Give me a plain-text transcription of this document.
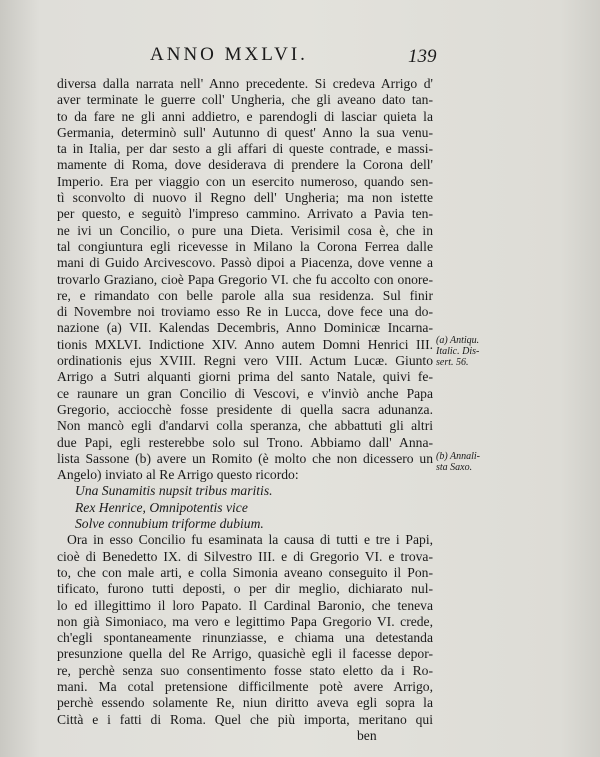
ANNO MXLVI.	139
diversa dalla narrata nell' Anno precedente. Si credeva Arrigo d'
aver terminate le guerre coll' Ungheria, che gli aveano dato tan-
to da fare ne gli anni addietro, e parendogli di lasciar quieta la
Germania, determinò sull' Autunno di quest' Anno la sua venu-
ta in Italia, per dar sesto a gli affari di queste contrade, e massi-
mamente di Roma, dove desiderava di prendere la Corona dell'
Imperio. Era per viaggio con un esercito numeroso, quando sen-
tì sconvolto di nuovo il Regno dell' Ungheria; ma non istette
per questo, e seguitò l'impreso cammino. Arrivato a Pavia ten-
ne ivi un Concilio, o pure una Dieta. Verisimil cosa è, che in
tal congiuntura egli ricevesse in Milano la Corona Ferrea dalle
mani di Guido Arcivescovo. Passò dipoi a Piacenza, dove venne a
trovarlo Graziano, cioè Papa Gregorio VI. che fu accolto con onore-
re, e rimandato con belle parole alla sua residenza. Sul finir
di Novembre noi troviamo esso Re in Lucca, dove fece una do-
nazione (a) VII. Kalendas Decembris, Anno Dominicæ Incarna-
tionis MXLVI. Indictione XIV. Anno autem Domni Henrici III.
ordinationis ejus XVIII. Regni vero VIII. Actum Lucæ. Giunto
Arrigo a Sutri alquanti giorni prima del santo Natale, quivi fe-
ce raunare un gran Concilio di Vescovi, e v'inviò anche Papa
Gregorio, acciocchè fosse presidente di quella sacra adunanza.
Non mancò egli d'andarvi colla speranza, che abbattuti gli altri
due Papi, egli resterebbe solo sul Trono. Abbiamo dall' Anna-
lista Sassone (b) avere un Romito (è molto che non dicessero un
Angelo) inviato al Re Arrigo questo ricordo:
Una Sunamitis nupsit tribus maritis.
Rex Henrice, Omnipotentis vice
Solve connubium triforme dubium.
Ora in esso Concilio fu esaminata la causa di tutti e tre i Papi,
cioè di Benedetto IX. di Silvestro III. e di Gregorio VI. e trova-
to, che con male arti, e colla Simonia aveano conseguito il Pon-
tificato, furono tutti deposti, o per dir meglio, dichiarato nul-
lo ed illegittimo il loro Papato. Il Cardinal Baronio, che teneva
non già Simoniaco, ma vero e legittimo Papa Gregorio VI. crede,
ch'egli spontaneamente rinunziasse, e chiama una detestanda
presunzione quella del Re Arrigo, quasichè egli il facesse depor-
re, perchè senza suo consentimento fosse stato eletto da i Ro-
mani. Ma cotal pretensione difficilmente potè avere Arrigo,
perchè essendo solamente Re, niun diritto aveva egli sopra la
Città e i fatti di Roma. Quel che più importa, meritano qui
ben
(a) Antiqu.
Italic. Dis-
sert. 56.
(b) Annali-
sta Saxo.
